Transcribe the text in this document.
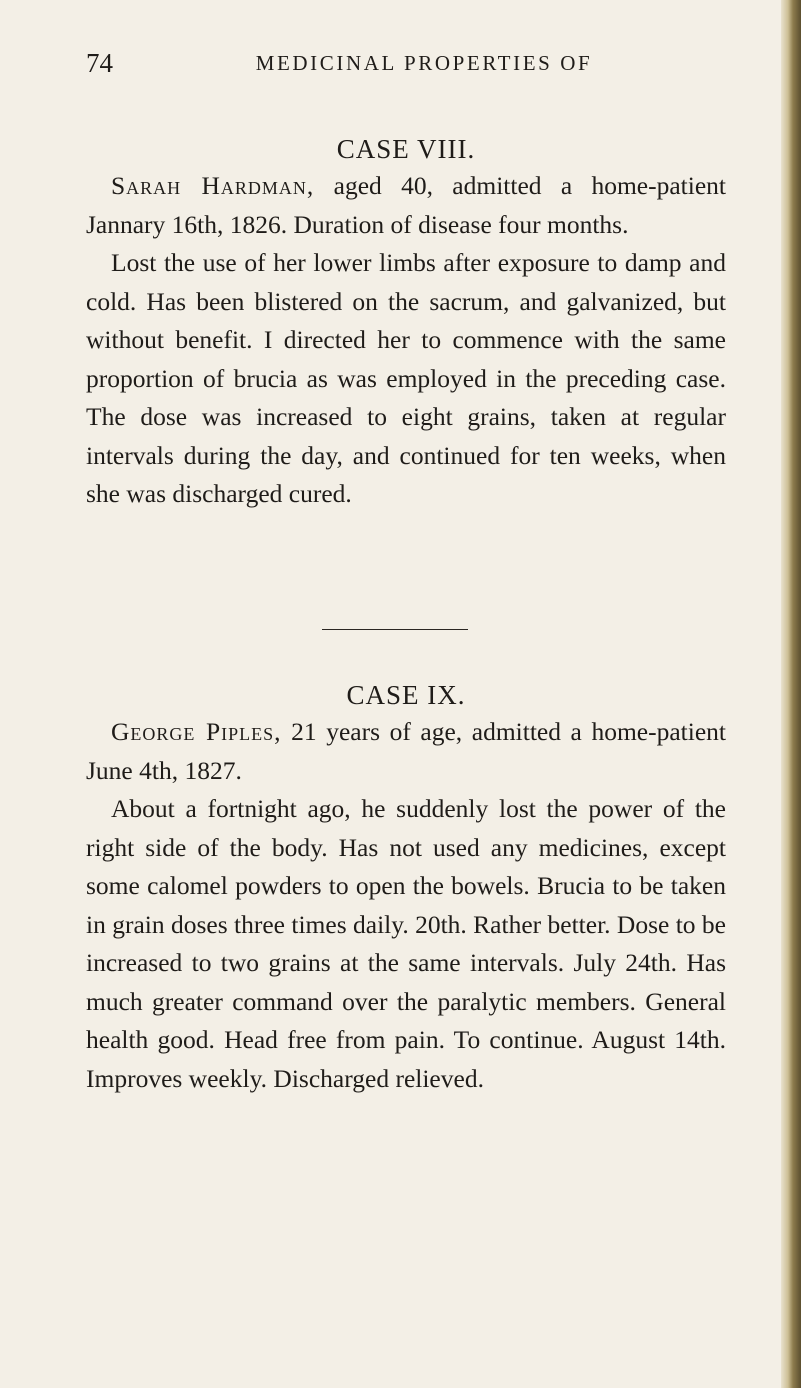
74	MEDICINAL PROPERTIES OF
CASE VIII.

Sarah Hardman, aged 40, admitted a home-patient Jannary 16th, 1826. Duration of disease four months.

Lost the use of her lower limbs after exposure to damp and cold. Has been blistered on the sacrum, and galvanized, but without benefit. I directed her to commence with the same proportion of brucia as was employed in the preceding case. The dose was increased to eight grains, taken at regular intervals during the day, and continued for ten weeks, when she was discharged cured.

CASE IX.

George Piples, 21 years of age, admitted a home-patient June 4th, 1827.

About a fortnight ago, he suddenly lost the power of the right side of the body. Has not used any medicines, except some calomel powders to open the bowels. Brucia to be taken in grain doses three times daily. 20th. Rather better. Dose to be increased to two grains at the same intervals. July 24th. Has much greater command over the paralytic members. General health good. Head free from pain. To continue. August 14th. Improves weekly. Discharged relieved.
